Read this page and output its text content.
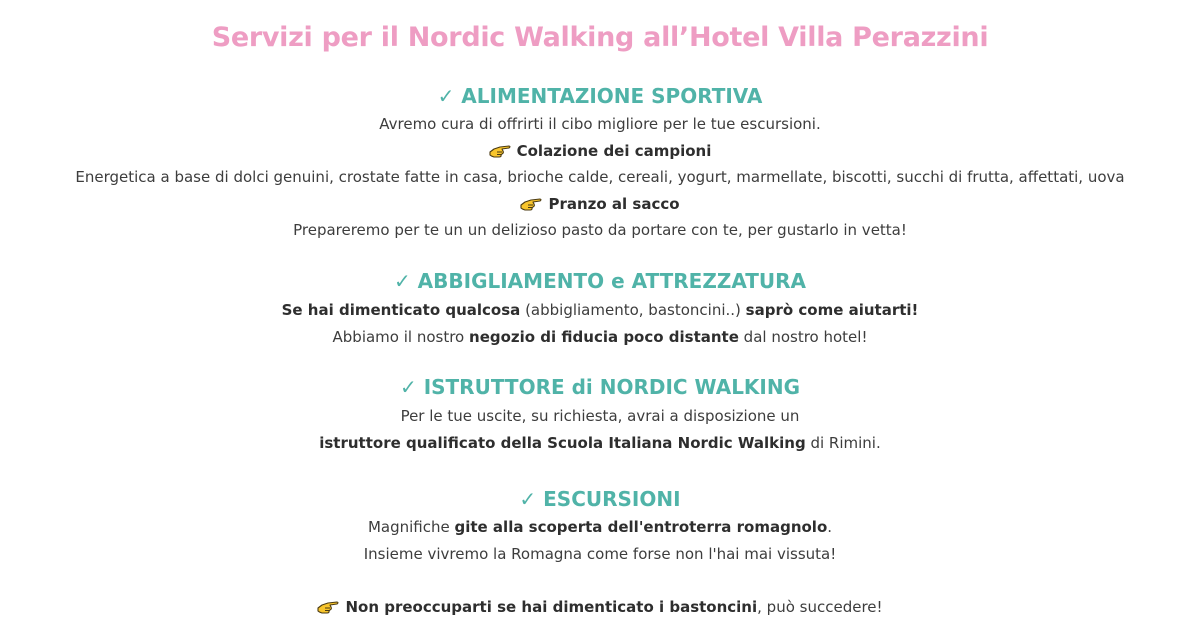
Servizi per il Nordic Walking all’Hotel Villa Perazzini
✓ ALIMENTAZIONE SPORTIVA

Avremo cura di offrirti il cibo migliore per le tue escursioni.

Colazione dei campioni

Energetica a base di dolci genuini, crostate fatte in casa, brioche calde, cereali, yogurt, marmellate, biscotti, succhi di frutta, affettati, uova

Pranzo al sacco

Prepareremo per te un un delizioso pasto da portare con te, per gustarlo in vetta!

✓ ABBIGLIAMENTO e ATTREZZATURA

Se hai dimenticato qualcosa (abbigliamento, bastoncini..) saprò come aiutarti!

Abbiamo il nostro negozio di fiducia poco distante dal nostro hotel!

✓ ISTRUTTORE di NORDIC WALKING

Per le tue uscite, su richiesta, avrai a disposizione un

istruttore qualificato della Scuola Italiana Nordic Walking di Rimini.

✓ ESCURSIONI

Magnifiche gite alla scoperta dell'entroterra romagnolo.

Insieme vivremo la Romagna come forse non l'hai mai vissuta!

Non preoccuparti se hai dimenticato i bastoncini, può succedere!
